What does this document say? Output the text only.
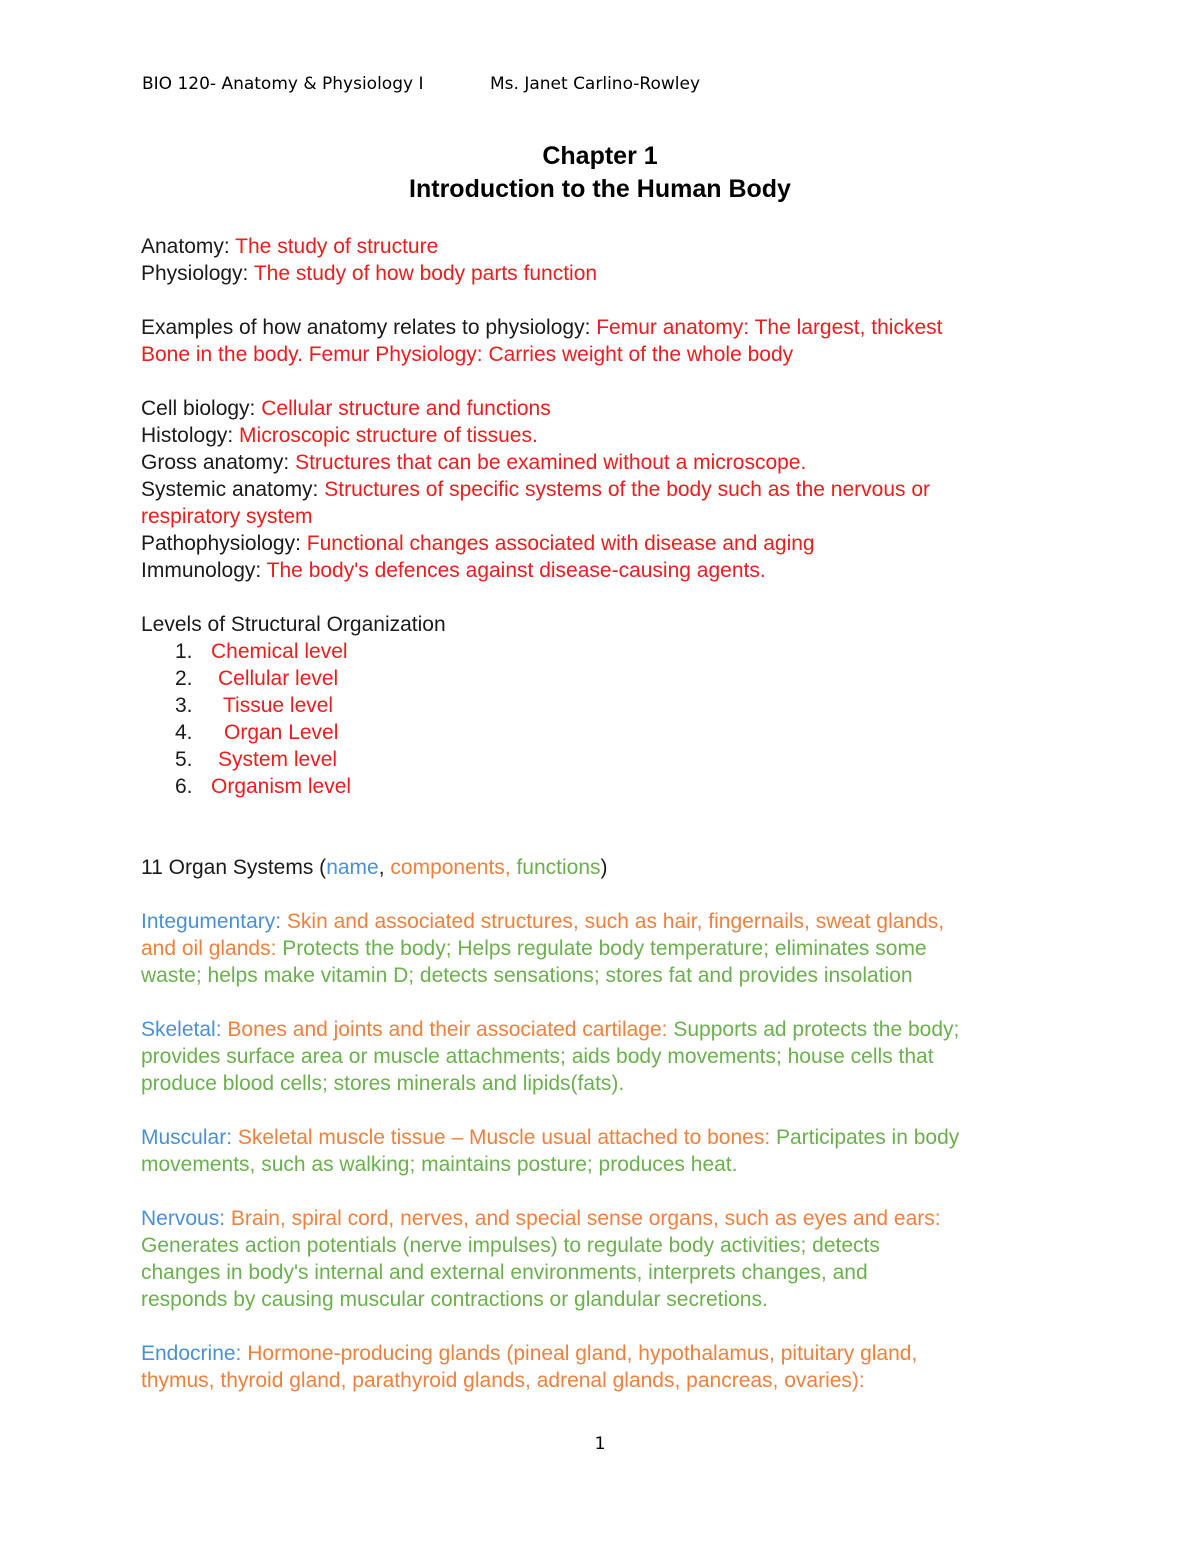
BIO 120- Anatomy & Physiology I	Ms. Janet Carlino-Rowley
Chapter 1
Introduction to the Human Body

Anatomy: The study of structure

Physiology: The study of how body parts function

Examples of how anatomy relates to physiology: Femur anatomy: The largest, thickest

Bone in the body. Femur Physiology: Carries weight of the whole body

Cell biology: Cellular structure and functions

Histology: Microscopic structure of tissues.

Gross anatomy: Structures that can be examined without a microscope.

Systemic anatomy: Structures of specific systems of the body such as the nervous or

respiratory system

Pathophysiology: Functional changes associated with disease and aging

Immunology: The body's defences against disease-causing agents.

Levels of Structural Organization

1. Chemical level
2.	Cellular level
3.	Tissue level
4.	Organ Level
5.	System level
6. Organism level

11 Organ Systems (name, components, functions)

Integumentary: Skin and associated structures, such as hair, fingernails, sweat glands,

and oil glands: Protects the body; Helps regulate body temperature; eliminates some

waste; helps make vitamin D; detects sensations; stores fat and provides insolation

Skeletal: Bones and joints and their associated cartilage: Supports ad protects the body;

provides surface area or muscle attachments; aids body movements; house cells that

produce blood cells; stores minerals and lipids(fats).

Muscular: Skeletal muscle tissue – Muscle usual attached to bones: Participates in body

movements, such as walking; maintains posture; produces heat.

Nervous: Brain, spiral cord, nerves, and special sense organs, such as eyes and ears:

Generates action potentials (nerve impulses) to regulate body activities; detects

changes in body's internal and external environments, interprets changes, and

responds by causing muscular contractions or glandular secretions.

Endocrine: Hormone-producing glands (pineal gland, hypothalamus, pituitary gland,

thymus, thyroid gland, parathyroid glands, adrenal glands, pancreas, ovaries):

1
